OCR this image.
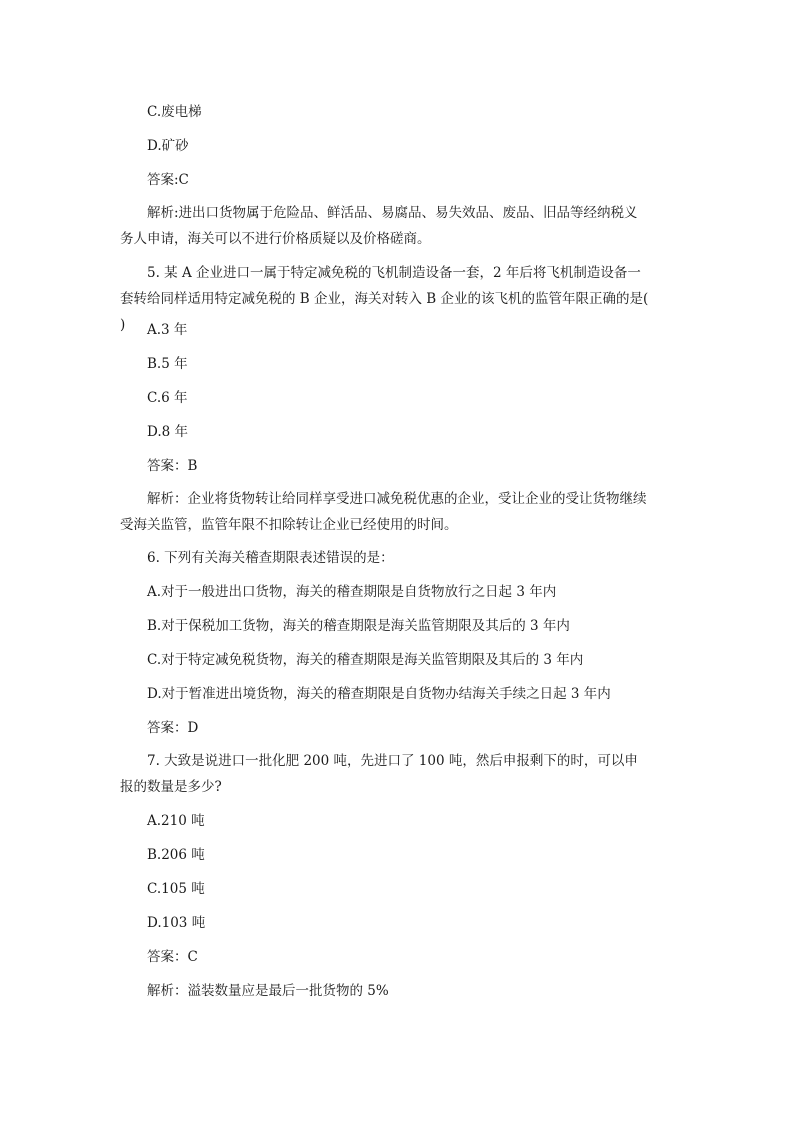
C.废电梯
D.矿砂
答案:C
解析:进出口货物属于危险品、鲜活品、易腐品、易失效品、废品、旧品等经纳税义务人申请，海关可以不进行价格质疑以及价格磋商。
5. 某 A 企业进口一属于特定减免税的飞机制造设备一套，2 年后将飞机制造设备一套转给同样适用特定减免税的 B 企业，海关对转入 B 企业的该飞机的监管年限正确的是( )	A.3 年
B.5 年
C.6 年
D.8 年
答案：B
解析：企业将货物转让给同样享受进口减免税优惠的企业，受让企业的受让货物继续受海关监管，监管年限不扣除转让企业已经使用的时间。
6. 下列有关海关稽查期限表述错误的是：
A.对于一般进出口货物，海关的稽查期限是自货物放行之日起 3 年内
B.对于保税加工货物，海关的稽查期限是海关监管期限及其后的 3 年内
C.对于特定减免税货物，海关的稽查期限是海关监管期限及其后的 3 年内
D.对于暂准进出境货物，海关的稽查期限是自货物办结海关手续之日起 3 年内
答案：D
7. 大致是说进口一批化肥 200 吨，先进口了 100 吨，然后申报剩下的时，可以申报的数量是多少?
A.210 吨
B.206 吨
C.105 吨
D.103 吨
答案：C
解析：溢装数量应是最后一批货物的 5%
